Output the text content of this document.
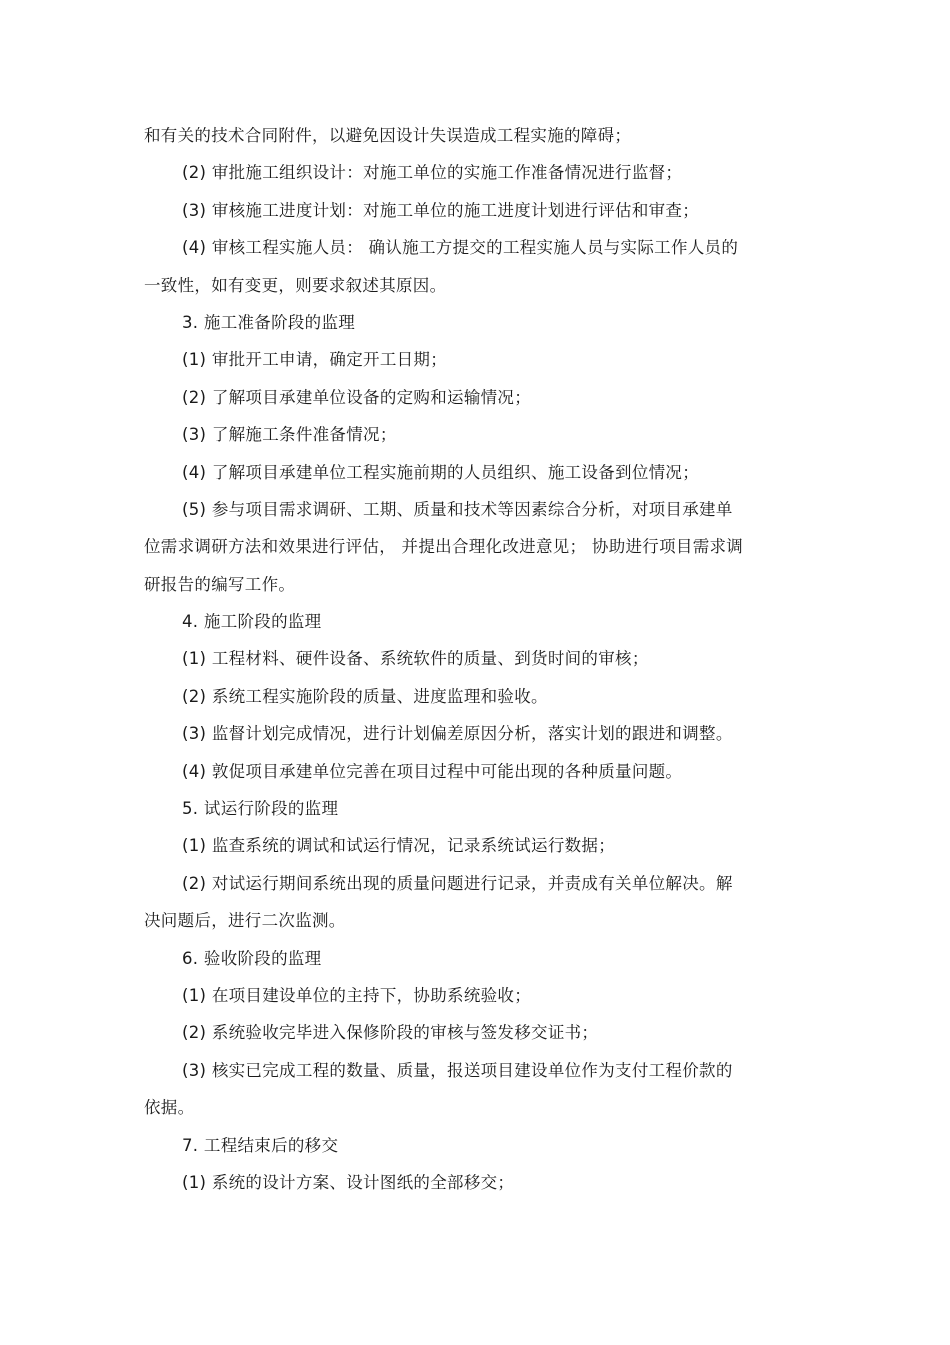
和有关的技术合同附件，以避免因设计失误造成工程实施的障碍；
(2) 审批施工组织设计：对施工单位的实施工作准备情况进行监督；
(3) 审核施工进度计划：对施工单位的施工进度计划进行评估和审查；
(4) 审核工程实施人员： 确认施工方提交的工程实施人员与实际工作人员的
一致性，如有变更，则要求叙述其原因。
3. 施工准备阶段的监理
(1) 审批开工申请，确定开工日期；
(2) 了解项目承建单位设备的定购和运输情况；
(3) 了解施工条件准备情况；
(4) 了解项目承建单位工程实施前期的人员组织、施工设备到位情况；
(5) 参与项目需求调研、工期、质量和技术等因素综合分析，对项目承建单
位需求调研方法和效果进行评估， 并提出合理化改进意见； 协助进行项目需求调
研报告的编写工作。
4. 施工阶段的监理
(1) 工程材料、硬件设备、系统软件的质量、到货时间的审核；
(2) 系统工程实施阶段的质量、进度监理和验收。
(3) 监督计划完成情况，进行计划偏差原因分析，落实计划的跟进和调整。
(4) 敦促项目承建单位完善在项目过程中可能出现的各种质量问题。
5. 试运行阶段的监理
(1) 监查系统的调试和试运行情况，记录系统试运行数据；
(2) 对试运行期间系统出现的质量问题进行记录，并责成有关单位解决。解
决问题后，进行二次监测。
6. 验收阶段的监理
(1) 在项目建设单位的主持下，协助系统验收；
(2) 系统验收完毕进入保修阶段的审核与签发移交证书；
(3) 核实已完成工程的数量、质量，报送项目建设单位作为支付工程价款的
依据。
7. 工程结束后的移交
(1) 系统的设计方案、设计图纸的全部移交；
